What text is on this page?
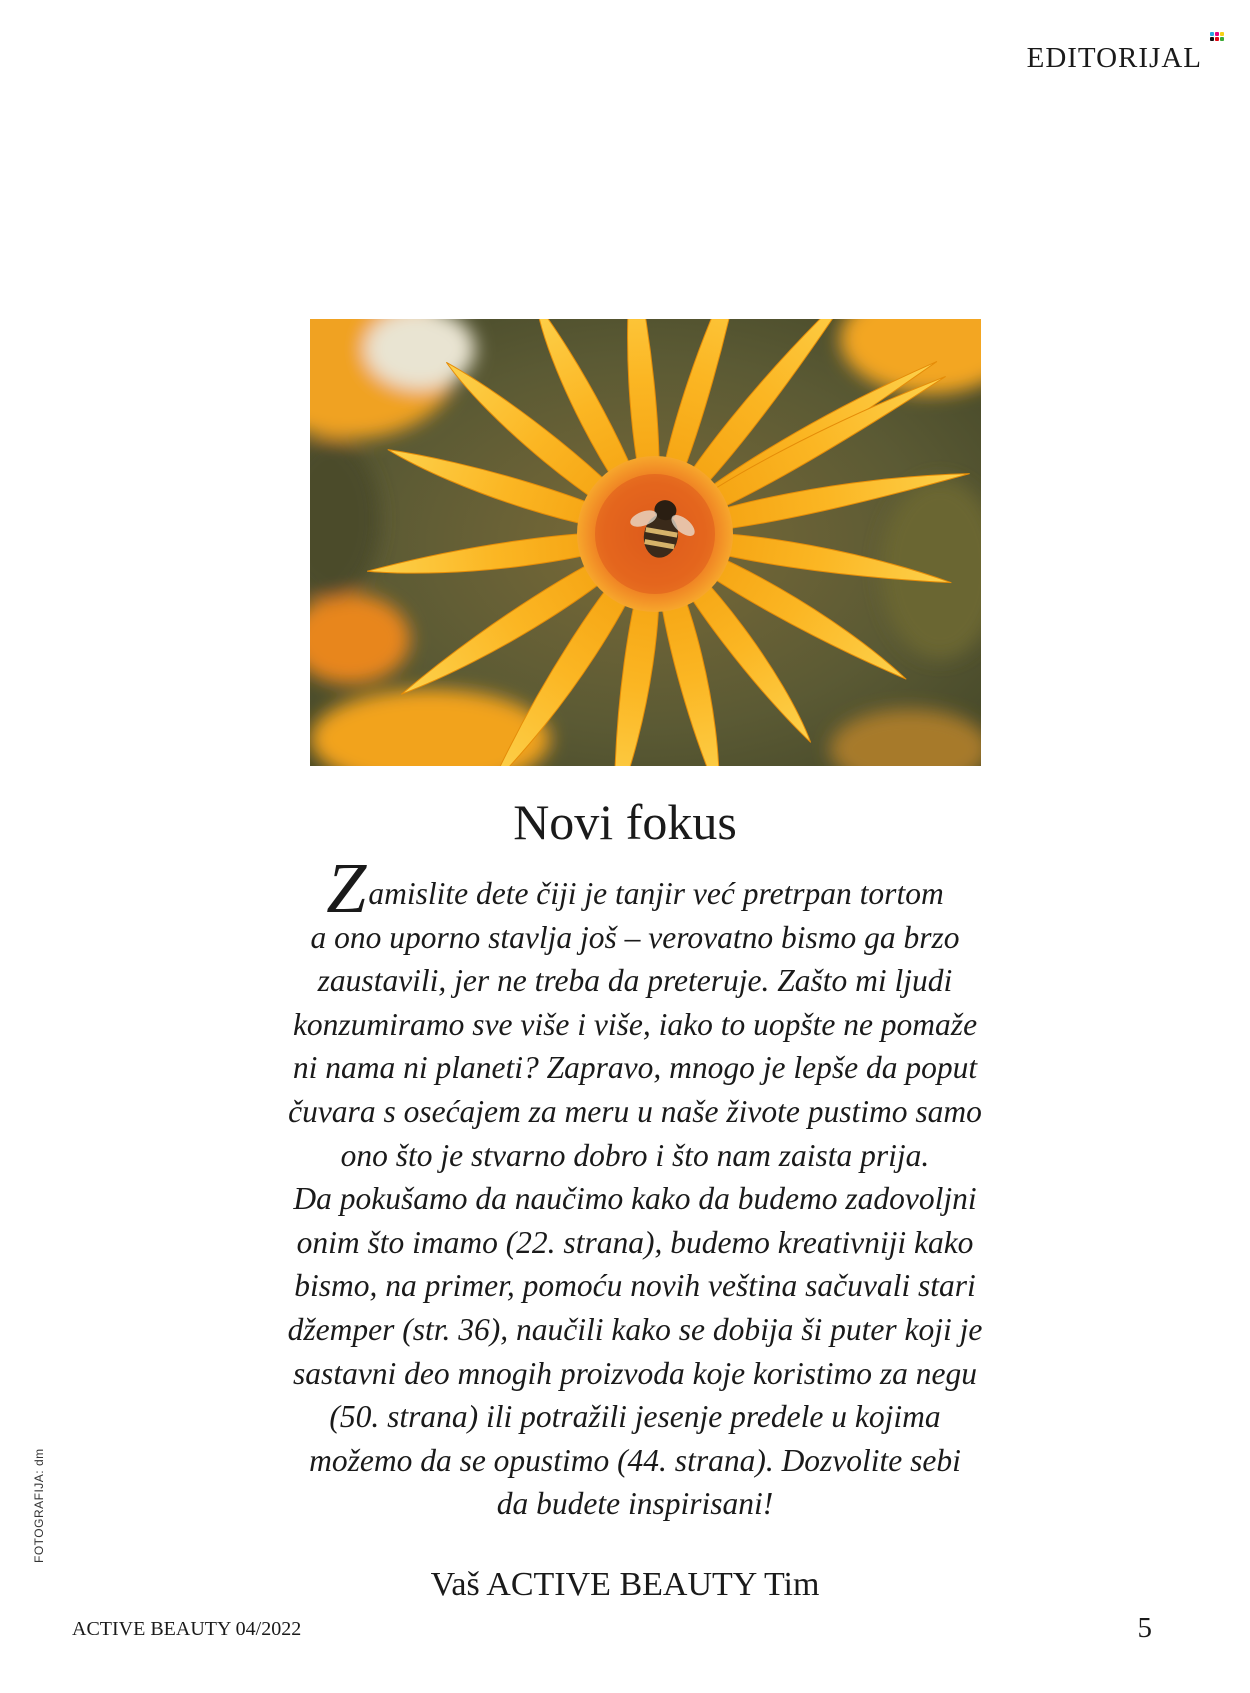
EDITORIJAL
Novi fokus

Zamislite dete čiji je tanjir već pretrpan tortom
a ono uporno stavlja još – verovatno bismo ga brzo
zaustavili, jer ne treba da preteruje. Zašto mi ljudi
konzumiramo sve više i više, iako to uopšte ne pomaže
ni nama ni planeti? Zapravo, mnogo je lepše da poput
čuvara s osećajem za meru u naše živote pustimo samo
ono što je stvarno dobro i što nam zaista prija.
Da pokušamo da naučimo kako da budemo zadovoljni
onim što imamo (22. strana), budemo kreativniji kako
bismo, na primer, pomoću novih veština sačuvali stari
džemper (str. 36), naučili kako se dobija ši puter koji je
sastavni deo mnogih proizvoda koje koristimo za negu
(50. strana) ili potražili jesenje predele u kojima
možemo da se opustimo (44. strana). Dozvolite sebi
da budete inspirisani!

Vaš ACTIVE BEAUTY Tim
FOTOGRAFIJA: dm
ACTIVE BEAUTY 04/2022	5
